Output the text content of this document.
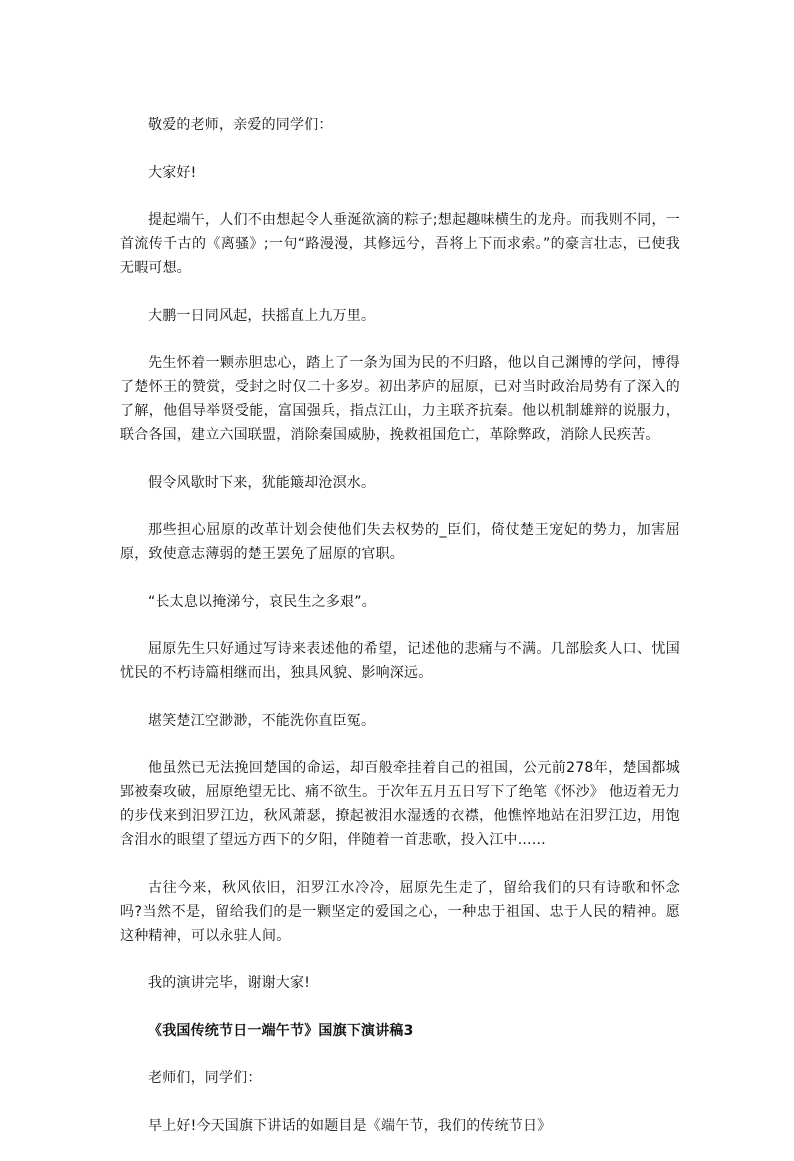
敬爱的老师，亲爱的同学们：

大家好!

提起端午，人们不由想起令人垂涎欲滴的粽子;想起趣味横生的龙舟。而我则不同，一首流传千古的《离骚》;一句“路漫漫，其修远兮，吾将上下而求索。”的豪言壮志，已使我无暇可想。

大鹏一日同风起，扶摇直上九万里。

先生怀着一颗赤胆忠心，踏上了一条为国为民的不归路，他以自己渊博的学问，博得了楚怀王的赞赏，受封之时仅二十多岁。初出茅庐的屈原，已对当时政治局势有了深入的了解，他倡导举贤受能，富国强兵，指点江山，力主联齐抗秦。他以机制雄辩的说服力，联合各国，建立六国联盟，消除秦国威胁，挽救祖国危亡，革除弊政，消除人民疾苦。

假令风歇时下来，犹能簸却沧溟水。

那些担心屈原的改革计划会使他们失去权势的_臣们，倚仗楚王宠妃的势力，加害屈原，致使意志薄弱的楚王罢免了屈原的官职。

“长太息以掩涕兮，哀民生之多艰”。

屈原先生只好通过写诗来表述他的希望，记述他的悲痛与不满。几部脍炙人口、忧国忧民的不朽诗篇相继而出，独具风貌、影响深远。

堪笑楚江空渺渺，不能洗你直臣冤。

他虽然已无法挽回楚国的命运，却百般牵挂着自己的祖国，公元前278年，楚国都城郢被秦攻破，屈原绝望无比、痛不欲生。于次年五月五日写下了绝笔《怀沙》 他迈着无力的步伐来到汨罗江边，秋风萧瑟，撩起被泪水湿透的衣襟，他憔悴地站在汨罗江边，用饱含泪水的眼望了望远方西下的夕阳，伴随着一首悲歌，投入江中……

古往今来，秋风依旧，汨罗江水冷冷，屈原先生走了，留给我们的只有诗歌和怀念吗?当然不是，留给我们的是一颗坚定的爱国之心，一种忠于祖国、忠于人民的精神。愿这种精神，可以永驻人间。

我的演讲完毕，谢谢大家!

《我国传统节日一端午节》国旗下演讲稿3

老师们，同学们：

早上好!今天国旗下讲话的如题目是《端午节，我们的传统节日》
